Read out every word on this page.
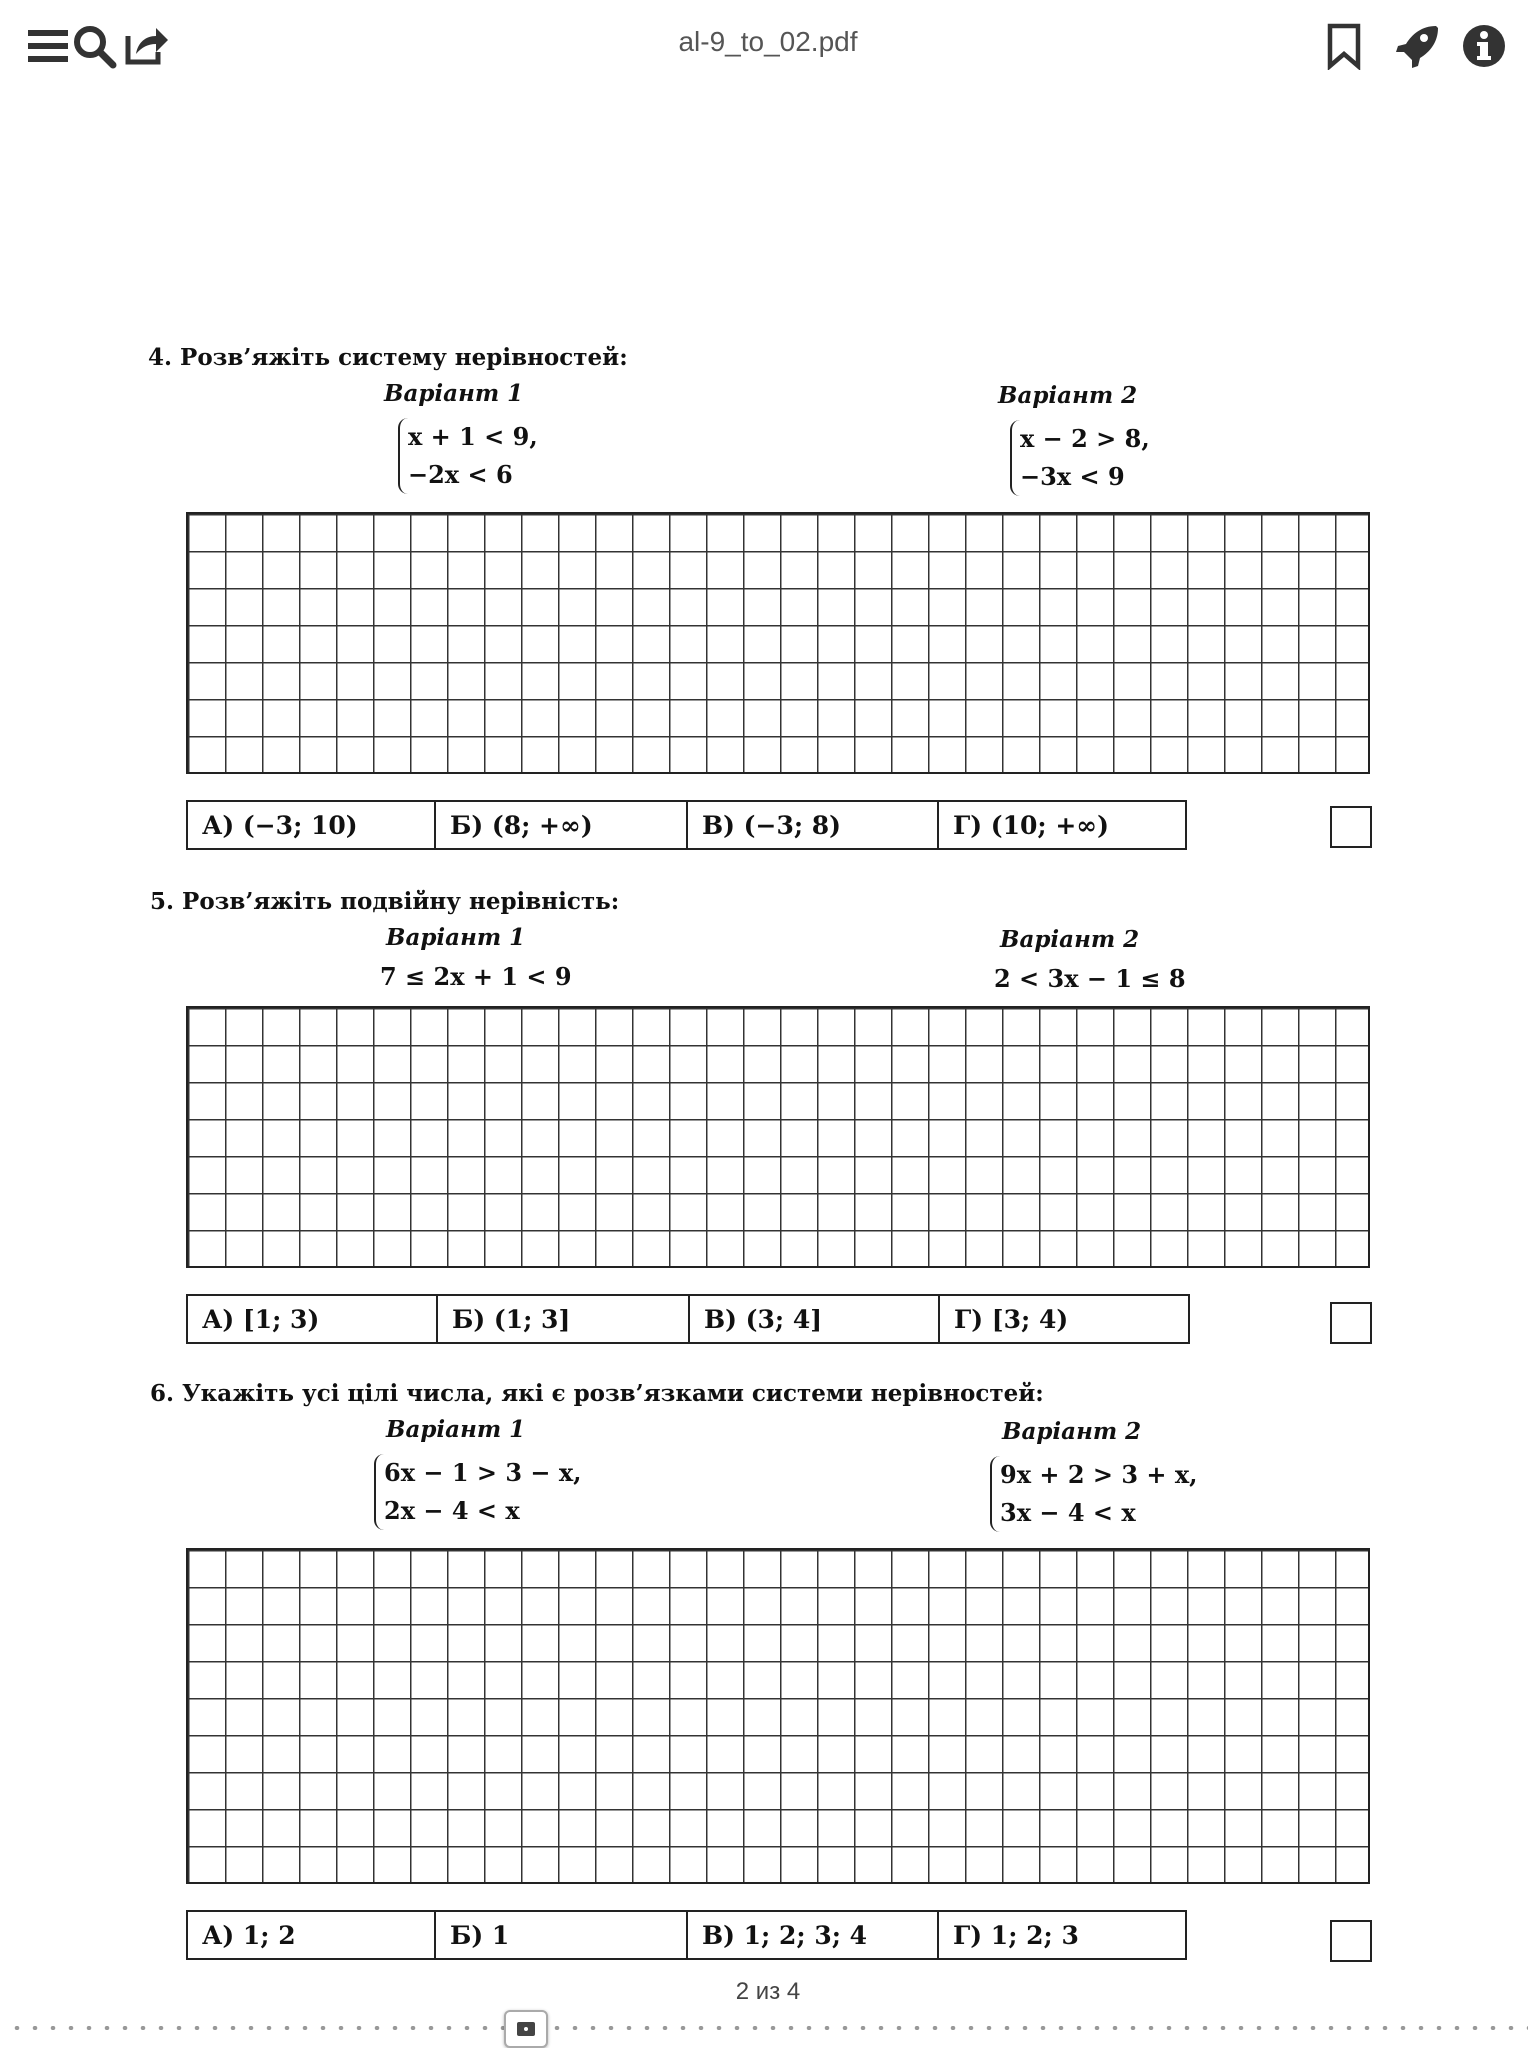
al-9_to_02.pdf
4. Розв’яжіть систему нерівностей:
Варіант 1	Варіант 2
x + 1 < 9,
−2x < 6
x − 2 > 8,
−3x < 9
А) (−3; 10)	Б) (8; +∞)	В) (−3; 8)	Г) (10; +∞)
5. Розв’яжіть подвійну нерівність:
Варіант 1	Варіант 2
7 ≤ 2x + 1 < 9	2 < 3x − 1 ≤ 8
А) [1; 3)	Б) (1; 3]	В) (3; 4]	Г) [3; 4)
6. Укажіть усі цілі числа, які є розв’язками системи нерівностей:
Варіант 1	Варіант 2
6x − 1 > 3 − x,
2x − 4 < x
9x + 2 > 3 + x,
3x − 4 < x
А) 1; 2	Б) 1	В) 1; 2; 3; 4	Г) 1; 2; 3
2 из 4
